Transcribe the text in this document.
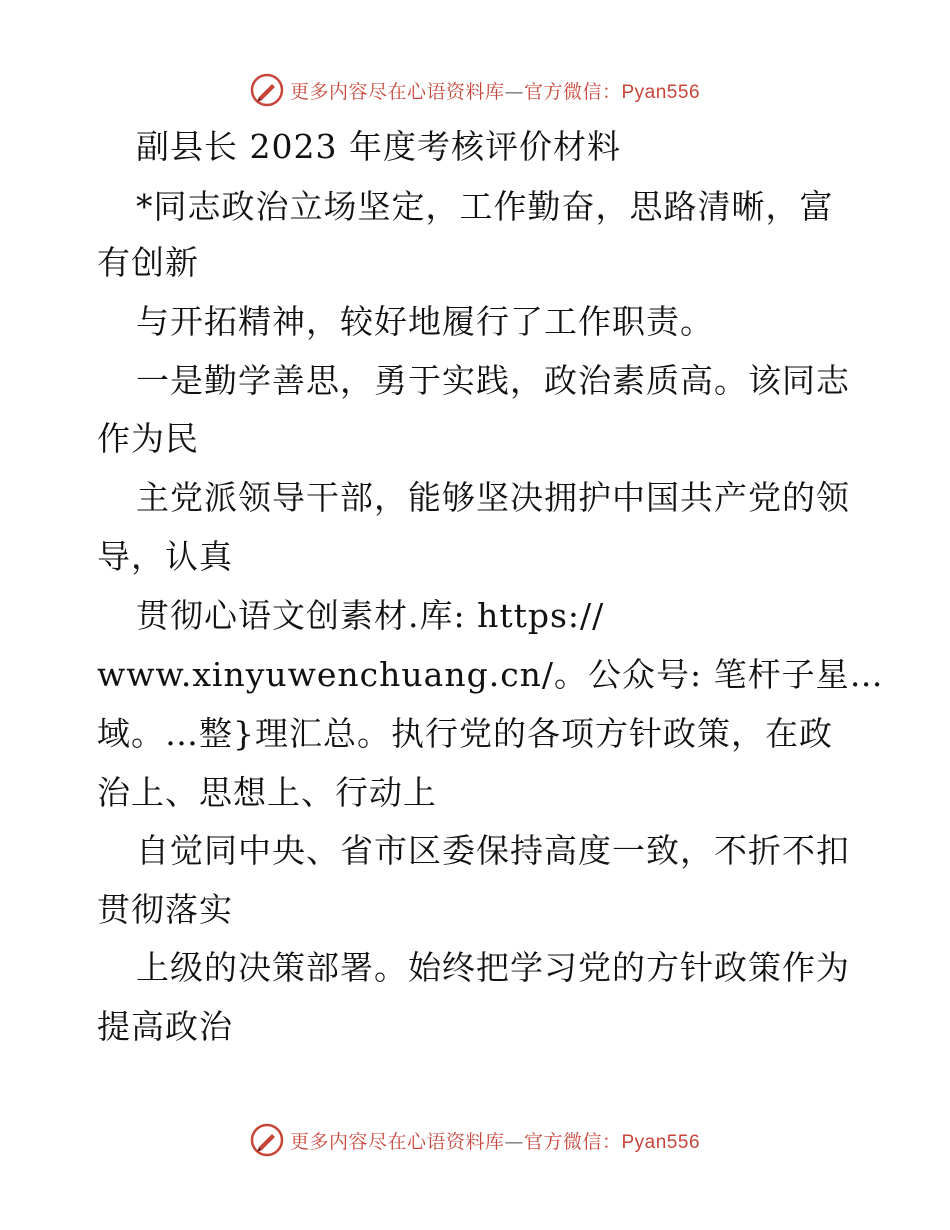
更多内容尽在心语资料库—官方微信：Pyan556
副县长 2023 年度考核评价材料
*同志政治立场坚定，工作勤奋，思路清晰，富
有创新
与开拓精神，较好地履行了工作职责。
一是勤学善思，勇于实践，政治素质高。该同志
作为民
主党派领导干部，能够坚决拥护中国共产党的领
导，认真
贯彻心语文创素材.库: https://
www.xinyuwenchuang.cn/。公众号: 笔杆子星…
域。…整}理汇总。执行党的各项方针政策，在政
治上、思想上、行动上
自觉同中央、省市区委保持高度一致，不折不扣
贯彻落实
上级的决策部署。始终把学习党的方针政策作为
提高政治
更多内容尽在心语资料库—官方微信：Pyan556
